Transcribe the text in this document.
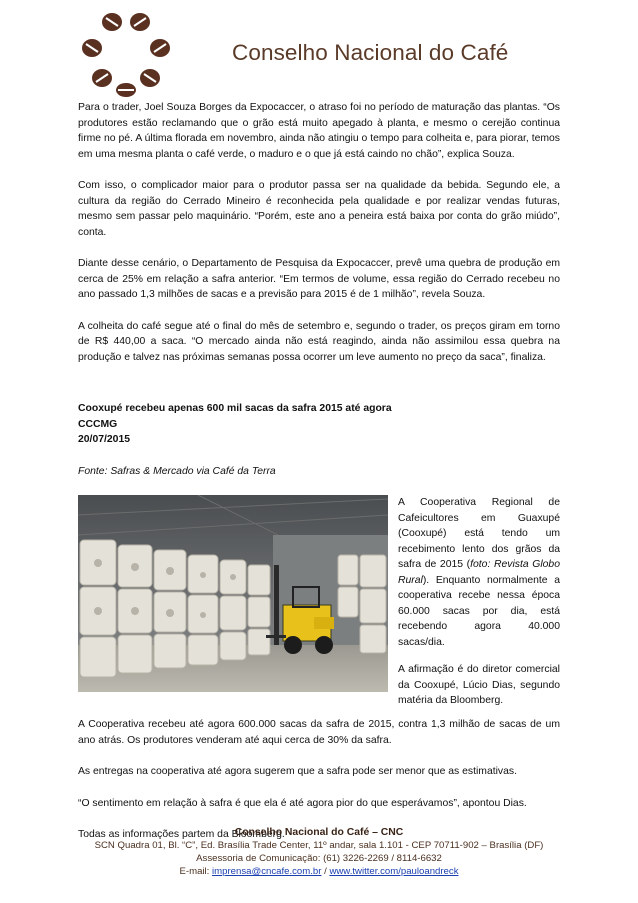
Conselho Nacional do Café

Para o trader, Joel Souza Borges da Expocaccer, o atraso foi no período de maturação das plantas. “Os produtores estão reclamando que o grão está muito apegado à planta, e mesmo o cerejão continua firme no pé. A última florada em novembro, ainda não atingiu o tempo para colheita e, para piorar, temos em uma mesma planta o café verde, o maduro e o que já está caindo no chão”, explica Souza.

Com isso, o complicador maior para o produtor passa ser na qualidade da bebida. Segundo ele, a cultura da região do Cerrado Mineiro é reconhecida pela qualidade e por realizar vendas futuras, mesmo sem passar pelo maquinário. “Porém, este ano a peneira está baixa por conta do grão miúdo”, conta.

Diante desse cenário, o Departamento de Pesquisa da Expocaccer, prevê uma quebra de produção em cerca de 25% em relação a safra anterior. “Em termos de volume, essa região do Cerrado recebeu no ano passado 1,3 milhões de sacas e a previsão para 2015 é de 1 milhão”, revela Souza.

A colheita do café segue até o final do mês de setembro e, segundo o trader, os preços giram em torno de R$ 440,00 a saca. “O mercado ainda não está reagindo, ainda não assimilou essa quebra na produção e talvez nas próximas semanas possa ocorrer um leve aumento no preço da saca”, finaliza.

Cooxupé recebeu apenas 600 mil sacas da safra 2015 até agora

CCCMG

20/07/2015

Fonte: Safras & Mercado via Café da Terra

A Cooperativa Regional de Cafeicultores em Guaxupé (Cooxupé) está tendo um recebimento lento dos grãos da safra de 2015 (foto: Revista Globo Rural). Enquanto normalmente a cooperativa recebe nessa época 60.000 sacas por dia, está recebendo agora 40.000 sacas/dia.

A afirmação é do diretor comercial da Cooxupé, Lúcio Dias, segundo matéria da Bloomberg.

A Cooperativa recebeu até agora 600.000 sacas da safra de 2015, contra 1,3 milhão de sacas de um ano atrás. Os produtores venderam até aqui cerca de 30% da safra.

As entregas na cooperativa até agora sugerem que a safra pode ser menor que as estimativas.

“O sentimento em relação à safra é que ela é até agora pior do que esperávamos”, apontou Dias.

Todas as informações partem da Bloomberg.

Conselho Nacional do Café – CNC
SCN Quadra 01, Bl. “C”, Ed. Brasília Trade Center, 11º andar, sala 1.101 - CEP 70711-902 – Brasília (DF)
Assessoria de Comunicação: (61) 3226-2269 / 8114-6632
E-mail: imprensa@cncafe.com.br / www.twitter.com/pauloandreck
